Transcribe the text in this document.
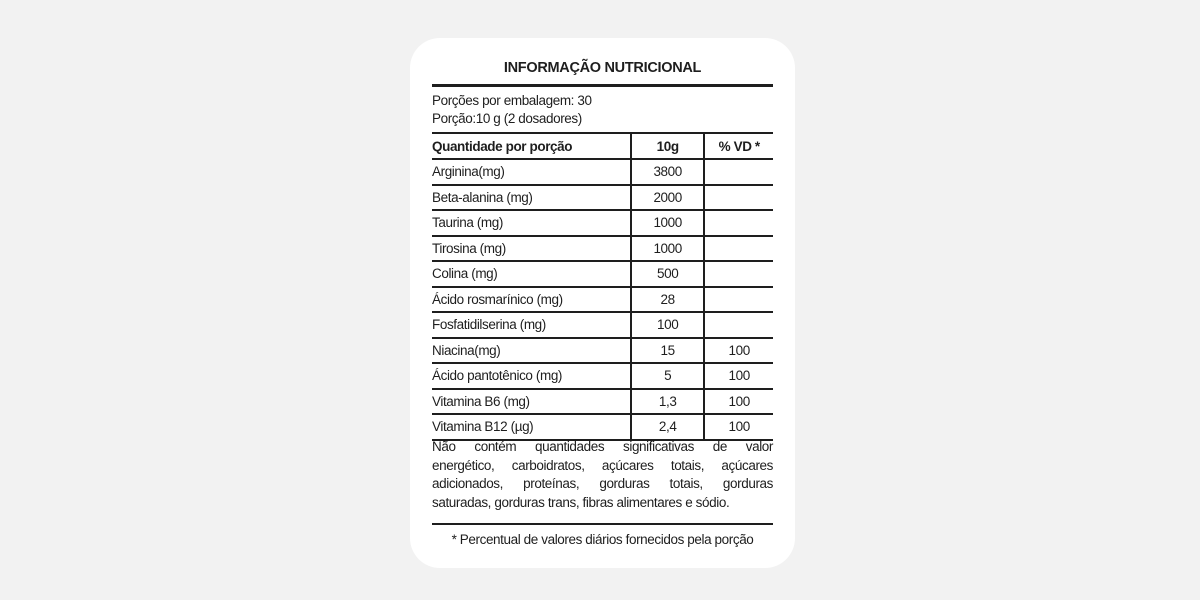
INFORMAÇÃO NUTRICIONAL
Porções por embalagem: 30
Porção:10 g (2 dosadores)
Quantidade por porção	10g	% VD *
Arginina(mg)	3800	
Beta-alanina (mg)	2000	
Taurina (mg)	1000	
Tirosina (mg)	1000	
Colina (mg)	500	
Ácido rosmarínico (mg)	28	
Fosfatidilserina (mg)	100	
Niacina(mg)	15	100
Ácido pantotênico (mg)	5	100
Vitamina B6 (mg)	1,3	100
Vitamina B12 (µg)	2,4	100
Não contém quantidades significativas de valor
energético, carboidratos, açúcares totais, açúcares
adicionados, proteínas, gorduras totais, gorduras
saturadas, gorduras trans, fibras alimentares e sódio.
* Percentual de valores diários fornecidos pela porção
